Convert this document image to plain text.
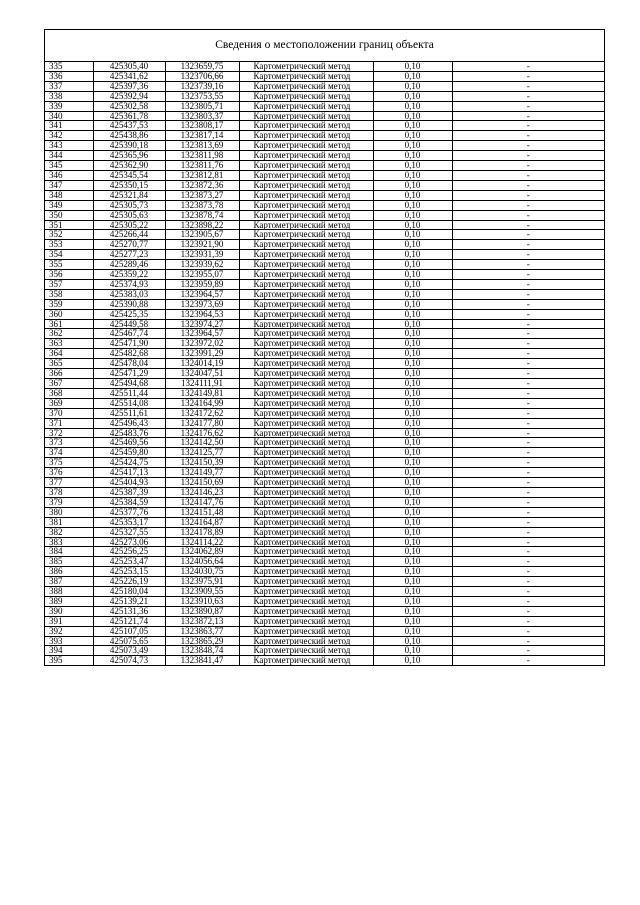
Сведения о местоположении границ объекта
335	425305,40	1323659,75	Картометрический метод	0,10	-
336	425341,62	1323706,66	Картометрический метод	0,10	-
337	425397,36	1323739,16	Картометрический метод	0,10	-
338	425392,94	1323753,55	Картометрический метод	0,10	-
339	425302,58	1323805,71	Картометрический метод	0,10	-
340	425361,78	1323803,37	Картометрический метод	0,10	-
341	425437,53	1323808,17	Картометрический метод	0,10	-
342	425438,86	1323817,14	Картометрический метод	0,10	-
343	425390,18	1323813,69	Картометрический метод	0,10	-
344	425365,96	1323811,98	Картометрический метод	0,10	-
345	425362,90	1323811,76	Картометрический метод	0,10	-
346	425345,54	1323812,81	Картометрический метод	0,10	-
347	425350,15	1323872,36	Картометрический метод	0,10	-
348	425321,84	1323873,27	Картометрический метод	0,10	-
349	425305,73	1323873,78	Картометрический метод	0,10	-
350	425305,63	1323878,74	Картометрический метод	0,10	-
351	425305,22	1323898,22	Картометрический метод	0,10	-
352	425266,44	1323905,67	Картометрический метод	0,10	-
353	425270,77	1323921,90	Картометрический метод	0,10	-
354	425277,23	1323931,39	Картометрический метод	0,10	-
355	425289,46	1323939,62	Картометрический метод	0,10	-
356	425359,22	1323955,07	Картометрический метод	0,10	-
357	425374,93	1323959,89	Картометрический метод	0,10	-
358	425383,03	1323964,57	Картометрический метод	0,10	-
359	425390,88	1323973,69	Картометрический метод	0,10	-
360	425425,35	1323964,53	Картометрический метод	0,10	-
361	425449,58	1323974,27	Картометрический метод	0,10	-
362	425467,74	1323964,57	Картометрический метод	0,10	-
363	425471,90	1323972,02	Картометрический метод	0,10	-
364	425482,68	1323991,29	Картометрический метод	0,10	-
365	425478,04	1324014,19	Картометрический метод	0,10	-
366	425471,29	1324047,51	Картометрический метод	0,10	-
367	425494,68	1324111,91	Картометрический метод	0,10	-
368	425511,44	1324149,81	Картометрический метод	0,10	-
369	425514,08	1324164,99	Картометрический метод	0,10	-
370	425511,61	1324172,62	Картометрический метод	0,10	-
371	425496,43	1324177,80	Картометрический метод	0,10	-
372	425483,76	1324176,62	Картометрический метод	0,10	-
373	425469,56	1324142,50	Картометрический метод	0,10	-
374	425459,80	1324125,77	Картометрический метод	0,10	-
375	425424,75	1324150,39	Картометрический метод	0,10	-
376	425417,13	1324149,77	Картометрический метод	0,10	-
377	425404,93	1324150,69	Картометрический метод	0,10	-
378	425387,39	1324146,23	Картометрический метод	0,10	-
379	425384,59	1324147,76	Картометрический метод	0,10	-
380	425377,76	1324151,48	Картометрический метод	0,10	-
381	425353,17	1324164,87	Картометрический метод	0,10	-
382	425327,55	1324178,89	Картометрический метод	0,10	-
383	425273,06	1324114,22	Картометрический метод	0,10	-
384	425256,25	1324062,89	Картометрический метод	0,10	-
385	425253,47	1324056,64	Картометрический метод	0,10	-
386	425253,15	1324030,75	Картометрический метод	0,10	-
387	425226,19	1323975,91	Картометрический метод	0,10	-
388	425180,04	1323909,55	Картометрический метод	0,10	-
389	425139,21	1323910,63	Картометрический метод	0,10	-
390	425131,36	1323890,87	Картометрический метод	0,10	-
391	425121,74	1323872,13	Картометрический метод	0,10	-
392	425107,05	1323863,77	Картометрический метод	0,10	-
393	425075,65	1323865,29	Картометрический метод	0,10	-
394	425073,49	1323848,74	Картометрический метод	0,10	-
395	425074,73	1323841,47	Картометрический метод	0,10	-
